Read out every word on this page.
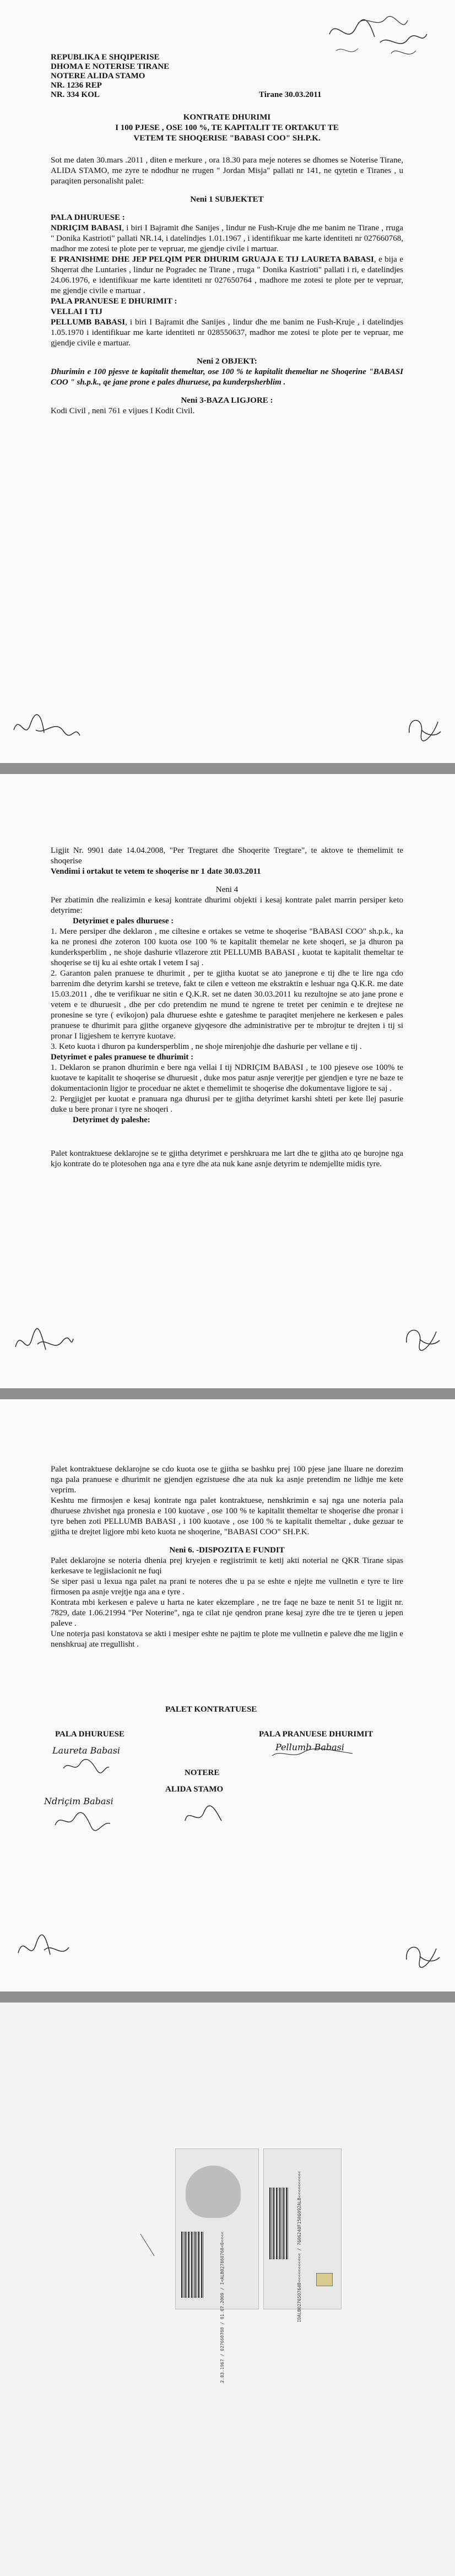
REPUBLIKA E SHQIPERISE

DHOMA E NOTERISE TIRANE

NOTERE ALIDA STAMO

NR. 1236 REP

NR. 334 KOL	Tirane 30.03.2011

KONTRATE DHURIMI

I 100 PJESE , OSE 100 %, TE KAPITALIT TE ORTAKUT TE

VETEM TE SHOQERISE "BABASI COO" SH.P.K.

Sot me daten 30.mars .2011 , diten e merkure , ora 18.30 para meje noteres se dhomes se Noterise Tirane, ALIDA STAMO, me zyre te ndodhur ne rrugen " Jordan Misja" pallati nr 141, ne qytetin e Tiranes , u paraqiten personalisht palet:

Neni 1 SUBJEKTET

PALA DHURUESE :

NDRIÇIM BABASI, i biri I Bajramit dhe Sanijes , lindur ne Fush-Kruje dhe me banim ne Tirane , rruga " Donika Kastrioti" pallati NR.14, i datelindjes 1.01.1967 , i identifikuar me karte identiteti nr 027660768, madhor me zotesi te plote per te vepruar, me gjendje civile i martuar.

E PRANISHME DHE JEP PELQIM PER DHURIM GRUAJA E TIJ LAURETA BABASI, e bija e Shqerrat dhe Luntaries , lindur ne Pogradec ne Tirane , rruga " Donika Kastrioti" pallati i ri, e datelindjes 24.06.1976, e identifikuar me karte identiteti nr 027650764 , madhore me zotesi te plote per te vepruar, me gjendje civile e martuar .

PALA PRANUESE E DHURIMIT :

VELLAI I TIJ

PELLUMB BABASI, i biri I Bajramit dhe Sanijes , lindur dhe me banim ne Fush-Kruje , i datelindjes 1.05.1970 i identifikuar me karte identiteti nr 028550637, madhor me zotesi te plote per te vepruar, me gjendje civile e martuar.

Neni 2 OBJEKT:

Dhurimin e 100 pjesve te kapitalit themeltar, ose 100 % te kapitalit themeltar ne Shoqerine "BABASI COO " sh.p.k., qe jane prone e pales dhuruese, pa kunderpsherblim .

Neni 3-BAZA LIGJORE :

Kodi Civil , neni 761 e vijues I Kodit Civil.

Ligjit Nr. 9901 date 14.04.2008, "Per Tregtaret dhe Shoqerite Tregtare", te aktove te themelimit te shoqerise

Vendimi i ortakut te vetem te shoqerise nr 1 date 30.03.2011

Neni 4

Per zbatimin dhe realizimin e kesaj kontrate dhurimi objekti i kesaj kontrate palet marrin persiper keto detyrime:

Detyrimet e pales dhuruese :

1. Mere persiper dhe deklaron , me ciltesine e ortakes se vetme te shoqerise "BABASI COO" sh.p.k., ka ka ne pronesi dhe zoteron 100 kuota ose 100 % te kapitalit themelar ne kete shoqeri, se ja dhuron pa kunderksperblim , ne shoje dashurie vllazerore ztit PELLUMB BABASI , kuotat te kapitalit themeltar te shoqerise se tij ku ai eshte ortak I vetem I saj .

2. Garanton palen pranuese te dhurimit , per te gjitha kuotat se ato janeprone e tij dhe te lire nga cdo barrenim dhe detyrim karshi se treteve, fakt te cilen e vetteon me ekstraktin e leshuar nga Q.K.R. me date 15.03.2011 , dhe te verifikuar ne sitin e Q.K.R. set ne daten 30.03.2011 ku rezultojne se ato jane prone e vetem e te dhuruesit , dhe per cdo pretendim ne mund te ngrene te tretet per cenimin e te drejtese ne pronesine se tyre ( evikojon) pala dhuruese eshte e gateshme te paraqitet menjehere ne kerkesen e pales pranuese te dhurimit para gjithe organeve gjyqesore dhe administrative per te mbrojtur te drejten i tij si pronar I ligjeshem te kerryre kuotave.

3. Keto kuota i dhuron pa kundersperblim , ne shoje mirenjohje dhe dashurie per vellane e tij .

Detyrimet e pales pranuese te dhurimit :

1. Deklaron se pranon dhurimin e bere nga vellai I tij NDRIÇIM BABASI , te 100 pjeseve ose 100% te kuotave te kapitalit te shoqerise se dhuruesit , duke mos patur asnje vererjtje per gjendjen e tyre ne baze te dokumentacionin ligjor te proceduar ne aktet e themelimit te shoqerise dhe dokumentave ligjore te saj .

2. Pergjigjet per kuotat e pranuara nga dhurusi per te gjitha detyrimet karshi shteti per kete llej pasurie duke u bere pronar i tyre ne shoqeri .

Detyrimet dy paleshe:

Palet kontraktuese deklarojne se te gjitha detyrimet e pershkruara me lart dhe te gjitha ato qe burojne nga kjo kontrate do te plotesohen nga ana e tyre dhe ata nuk kane asnje detyrim te ndemjellte midis tyre.

Palet kontraktuese deklarojne se cdo kuota ose te gjitha se bashku prej 100 pjese jane lluare ne dorezim nga pala pranuese e dhurimit ne gjendjen egzistuese dhe ata nuk ka asnje pretendim ne lidhje me kete veprim.

Keshtu me firmosjen e kesaj kontrate nga palet kontraktuese, nenshkrimin e saj nga une noteria pala dhuruese zhvishet nga pronesia e 100 kuotave , ose 100 % te kapitalit themeltar te shoqerise dhe pronar i tyre behen zoti PELLUMB BABASI , i 100 kuotave , ose 100 % te kapitalit themeltar , duke gezuar te gjitha te drejtet ligjore mbi keto kuota ne shoqerine, "BABASI COO" SH.P.K.

Neni 6. -DISPOZITA E FUNDIT

Palet deklarojne se noteria dhenia prej kryejen e regjistrimit te ketij akti noterial ne QKR Tirane sipas kerkesave te legjislacionit ne fuqi

Se siper pasi u lexua nga palet na prani te noteres dhe u pa se eshte e njejte me vullnetin e tyre te lire firmosen pa asnje vrejtje nga ana e tyre .

Kontrata mbi kerkesen e paleve u harta ne kater ekzemplare , ne tre faqe ne baze te nenit 51 te ligjit nr. 7829, date 1.06.21994 "Per Noterine", nga te cilat nje qendron prane kesaj zyre dhe tre te tjeren u jepen paleve .

Une noterja pasi konstatova se akti i mesiper eshte ne pajtim te plote me vullnetin e paleve dhe me ligjin e nenshkruaj ate rregullisht .

PALET KONTRATUESE
PALA DHURUESE	PALA PRANUESE DHURIMIT
Laureta Babasi	Pellumb Babasi
NOTERE
ALIDA STAMO
Ndriçim Babasi
2.03.1967 / 027660768 / 01.07.2009 / I<ALB027660768<0<<<<	IDALB0276507640<<<<<<<<<<< / 7606240F1506092ALB<<<<<<<<<<
